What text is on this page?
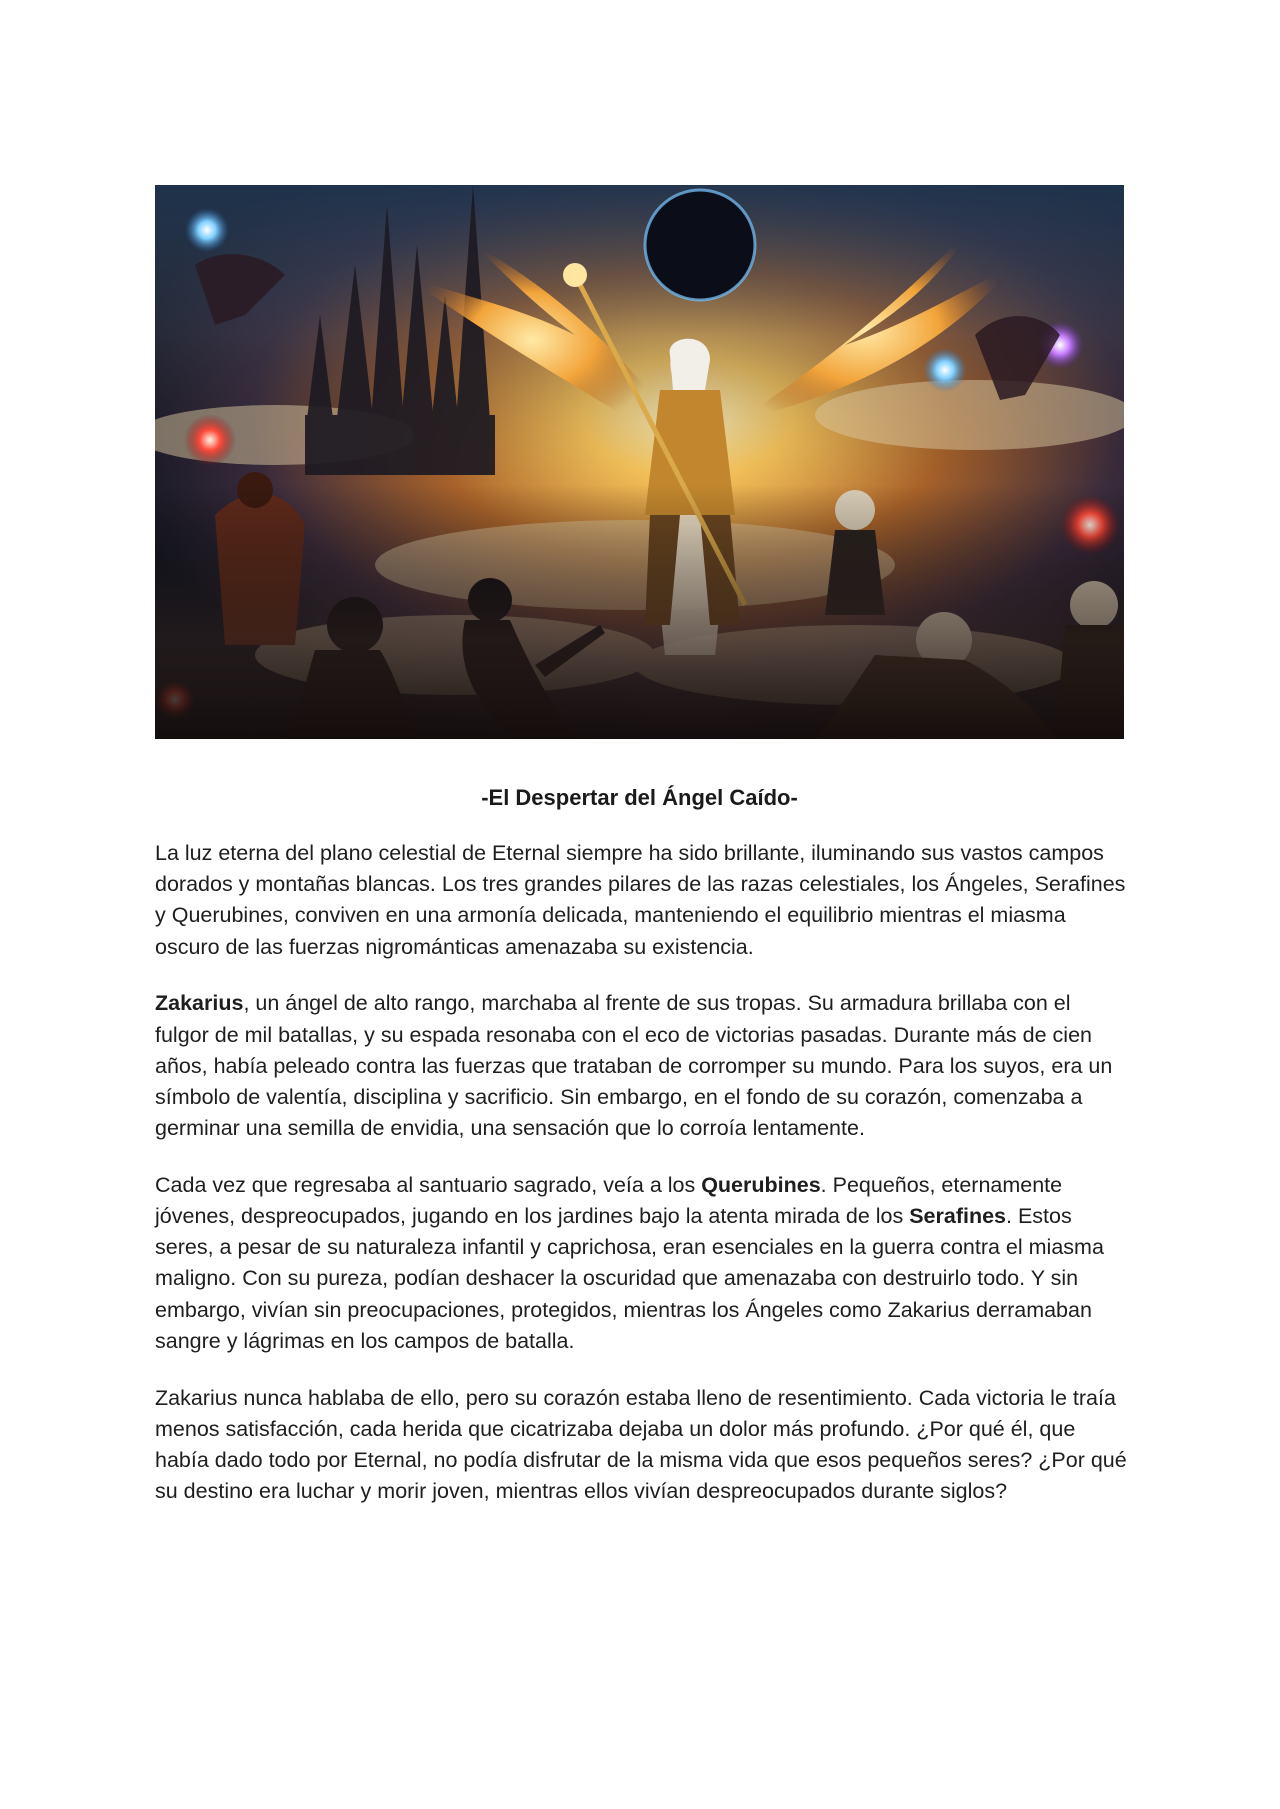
-El Despertar del Ángel Caído-

La luz eterna del plano celestial de Eternal siempre ha sido brillante, iluminando sus vastos campos dorados y montañas blancas. Los tres grandes pilares de las razas celestiales, los Ángeles, Serafines y Querubines, conviven en una armonía delicada, manteniendo el equilibrio mientras el miasma oscuro de las fuerzas nigrománticas amenazaba su existencia.

Zakarius, un ángel de alto rango, marchaba al frente de sus tropas. Su armadura brillaba con el fulgor de mil batallas, y su espada resonaba con el eco de victorias pasadas. Durante más de cien años, había peleado contra las fuerzas que trataban de corromper su mundo. Para los suyos, era un símbolo de valentía, disciplina y sacrificio. Sin embargo, en el fondo de su corazón, comenzaba a germinar una semilla de envidia, una sensación que lo corroía lentamente.

Cada vez que regresaba al santuario sagrado, veía a los Querubines. Pequeños, eternamente jóvenes, despreocupados, jugando en los jardines bajo la atenta mirada de los Serafines. Estos seres, a pesar de su naturaleza infantil y caprichosa, eran esenciales en la guerra contra el miasma maligno. Con su pureza, podían deshacer la oscuridad que amenazaba con destruirlo todo. Y sin embargo, vivían sin preocupaciones, protegidos, mientras los Ángeles como Zakarius derramaban sangre y lágrimas en los campos de batalla.

Zakarius nunca hablaba de ello, pero su corazón estaba lleno de resentimiento. Cada victoria le traía menos satisfacción, cada herida que cicatrizaba dejaba un dolor más profundo. ¿Por qué él, que había dado todo por Eternal, no podía disfrutar de la misma vida que esos pequeños seres? ¿Por qué su destino era luchar y morir joven, mientras ellos vivían despreocupados durante siglos?
